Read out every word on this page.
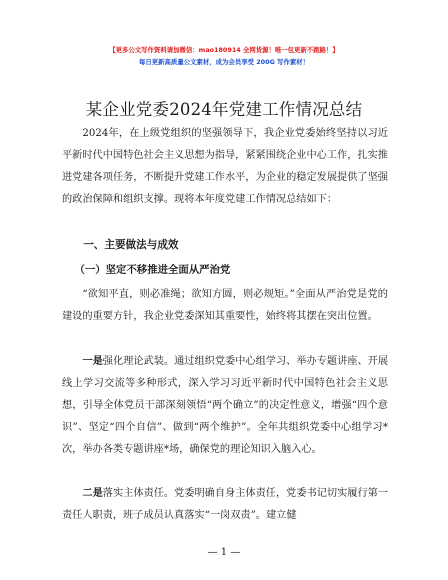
【更多公文写作资料请加微信：mao180914 全网货源！唯一包更新不跑路！】
每日更新高质量公文素材，成为会员享受 200G 写作素材！
某企业党委2024年党建工作情况总结

2024年，在上级党组织的坚强领导下，我企业党委始终坚持以习近平新时代中国特色社会主义思想为指导，紧紧围绕企业中心工作，扎实推进党建各项任务，不断提升党建工作水平，为企业的稳定发展提供了坚强的政治保障和组织支撑。现将本年度党建工作情况总结如下：

一、主要做法与成效

（一）坚定不移推进全面从严治党

“欲知平直，则必准绳；欲知方圆，则必规矩。”全面从严治党是党的建设的重要方针，我企业党委深知其重要性，始终将其摆在突出位置。

一是强化理论武装。通过组织党委中心组学习、举办专题讲座、开展线上学习交流等多种形式，深入学习习近平新时代中国特色社会主义思想，引导全体党员干部深刻领悟“两个确立”的决定性意义，增强“四个意识”、坚定“四个自信”、做到“两个维护”。全年共组织党委中心组学习*次，举办各类专题讲座*场，确保党的理论知识入脑入心。

二是落实主体责任。党委明确自身主体责任，党委书记切实履行第一责任人职责，班子成员认真落实“一岗双责”。建立健

— 1 —
